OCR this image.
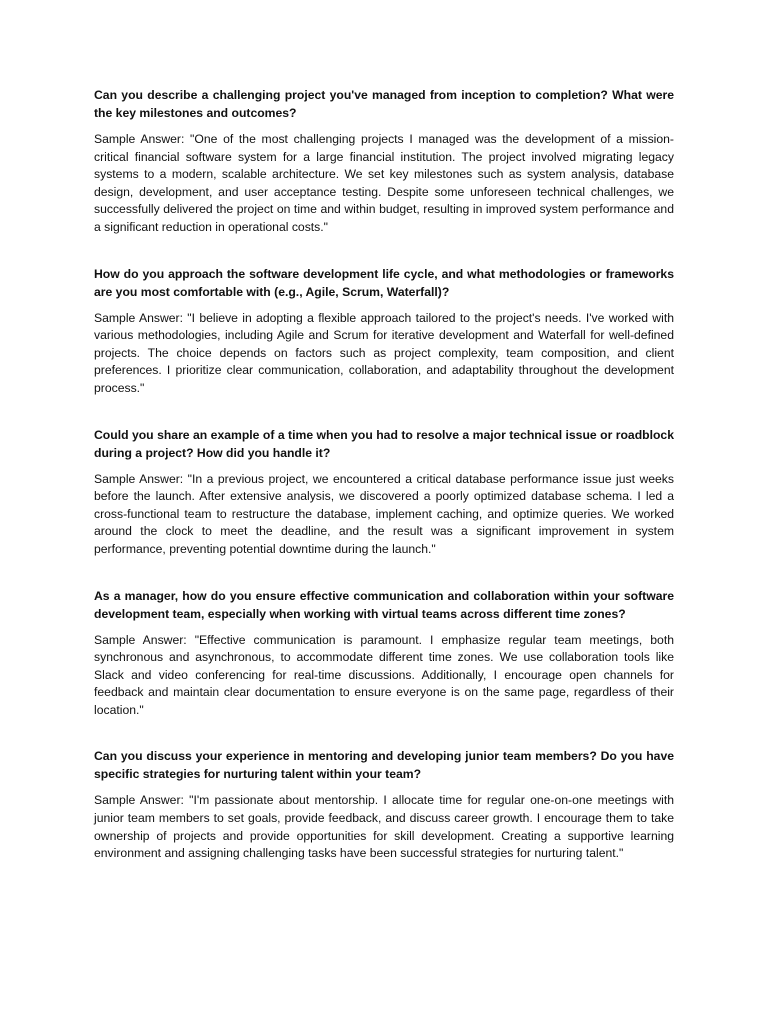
Can you describe a challenging project you've managed from inception to completion? What were the key milestones and outcomes?

Sample Answer: "One of the most challenging projects I managed was the development of a mission-critical financial software system for a large financial institution. The project involved migrating legacy systems to a modern, scalable architecture. We set key milestones such as system analysis, database design, development, and user acceptance testing. Despite some unforeseen technical challenges, we successfully delivered the project on time and within budget, resulting in improved system performance and a significant reduction in operational costs."

How do you approach the software development life cycle, and what methodologies or frameworks are you most comfortable with (e.g., Agile, Scrum, Waterfall)?

Sample Answer: "I believe in adopting a flexible approach tailored to the project's needs. I've worked with various methodologies, including Agile and Scrum for iterative development and Waterfall for well-defined projects. The choice depends on factors such as project complexity, team composition, and client preferences. I prioritize clear communication, collaboration, and adaptability throughout the development process."

Could you share an example of a time when you had to resolve a major technical issue or roadblock during a project? How did you handle it?

Sample Answer: "In a previous project, we encountered a critical database performance issue just weeks before the launch. After extensive analysis, we discovered a poorly optimized database schema. I led a cross-functional team to restructure the database, implement caching, and optimize queries. We worked around the clock to meet the deadline, and the result was a significant improvement in system performance, preventing potential downtime during the launch."

As a manager, how do you ensure effective communication and collaboration within your software development team, especially when working with virtual teams across different time zones?

Sample Answer: "Effective communication is paramount. I emphasize regular team meetings, both synchronous and asynchronous, to accommodate different time zones. We use collaboration tools like Slack and video conferencing for real-time discussions. Additionally, I encourage open channels for feedback and maintain clear documentation to ensure everyone is on the same page, regardless of their location."

Can you discuss your experience in mentoring and developing junior team members? Do you have specific strategies for nurturing talent within your team?

Sample Answer: "I'm passionate about mentorship. I allocate time for regular one-on-one meetings with junior team members to set goals, provide feedback, and discuss career growth. I encourage them to take ownership of projects and provide opportunities for skill development. Creating a supportive learning environment and assigning challenging tasks have been successful strategies for nurturing talent."
